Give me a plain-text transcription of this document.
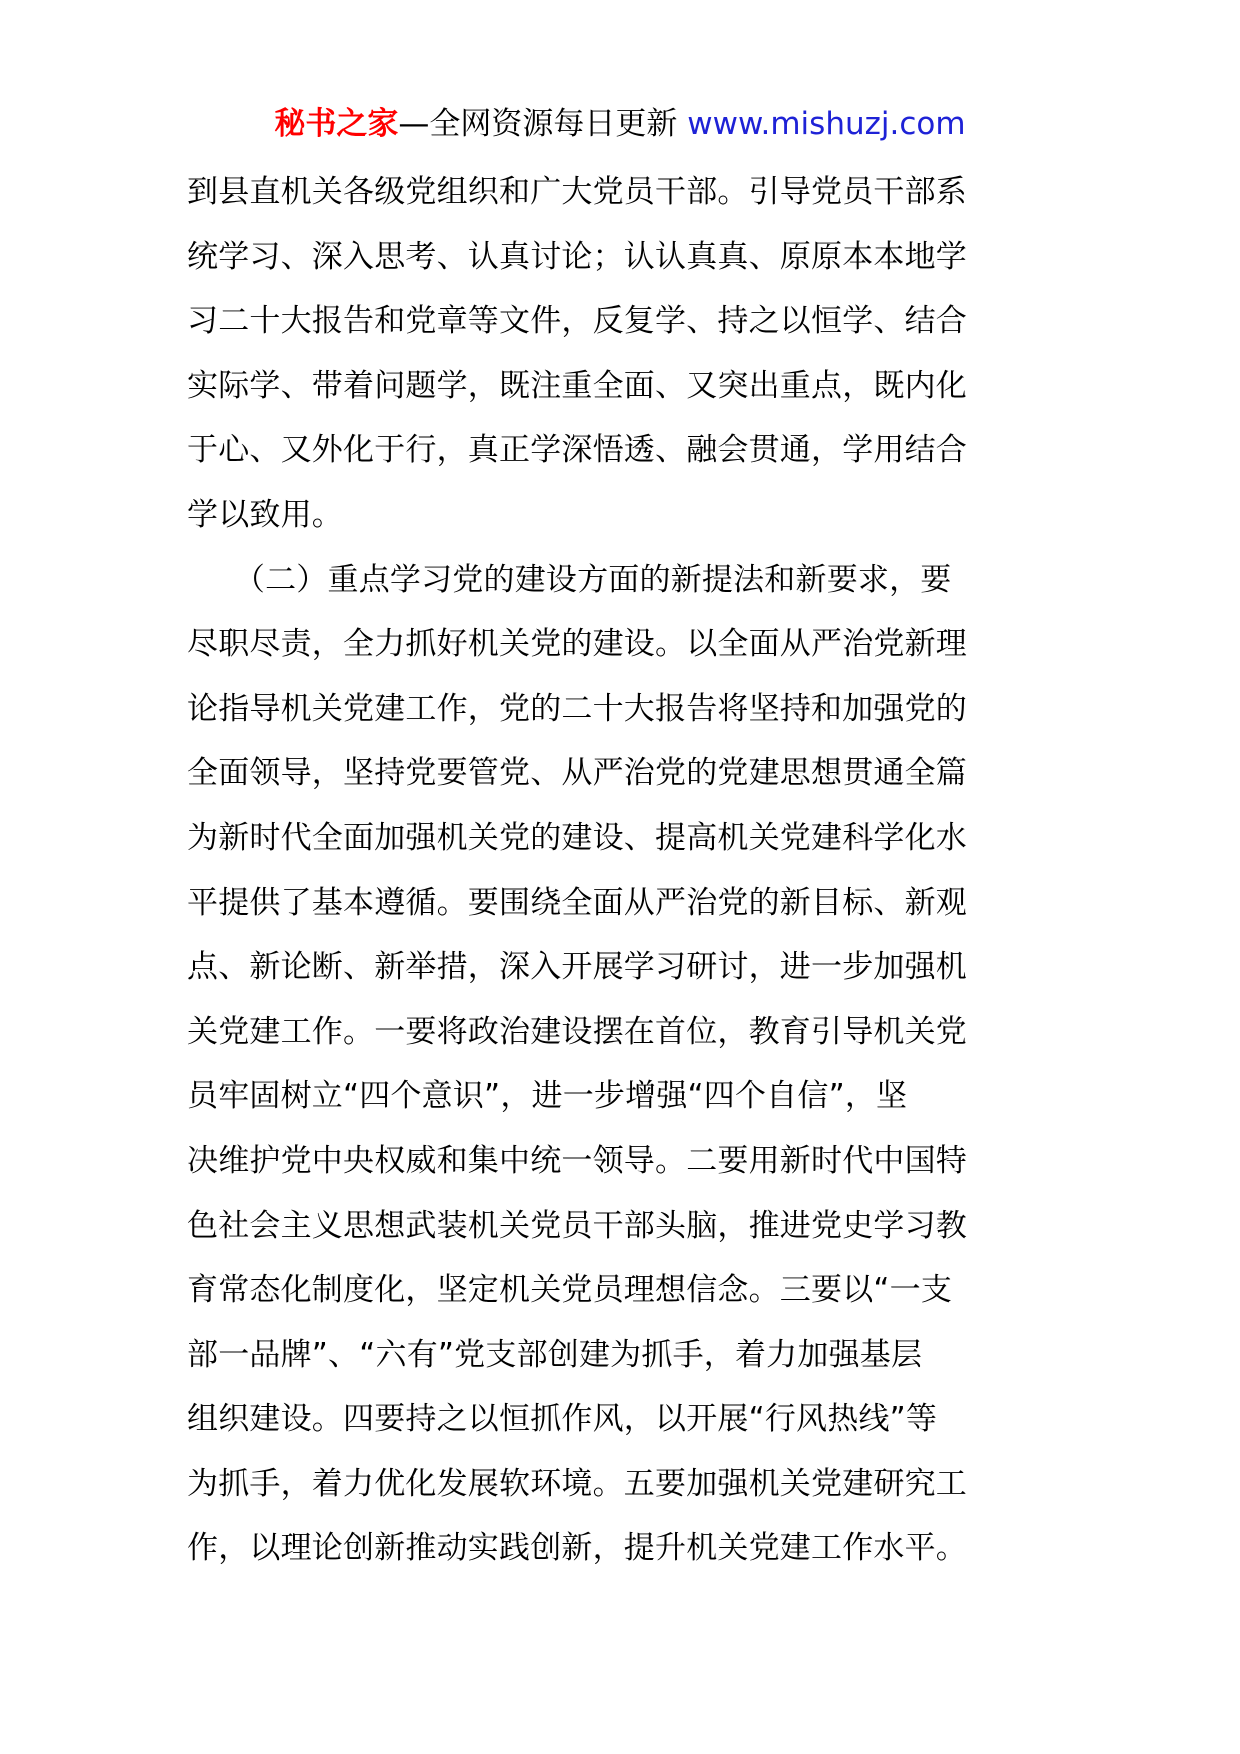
秘书之家—全网资源每日更新 www.mishuzj.com

到县直机关各级党组织和广大党员干部。引导党员干部系
统学习、深入思考、认真讨论；认认真真、原原本本地学
习二十大报告和党章等文件，反复学、持之以恒学、结合
实际学、带着问题学，既注重全面、又突出重点，既内化
于心、又外化于行，真正学深悟透、融会贯通，学用结合
学以致用。

　　（二）重点学习党的建设方面的新提法和新要求，要
尽职尽责，全力抓好机关党的建设。以全面从严治党新理
论指导机关党建工作，党的二十大报告将坚持和加强党的
全面领导，坚持党要管党、从严治党的党建思想贯通全篇
为新时代全面加强机关党的建设、提高机关党建科学化水
平提供了基本遵循。要围绕全面从严治党的新目标、新观
点、新论断、新举措，深入开展学习研讨，进一步加强机
关党建工作。一要将政治建设摆在首位，教育引导机关党
员牢固树立“四个意识”，进一步增强“四个自信”，坚
决维护党中央权威和集中统一领导。二要用新时代中国特
色社会主义思想武装机关党员干部头脑，推进党史学习教
育常态化制度化，坚定机关党员理想信念。三要以“一支
部一品牌”、“六有”党支部创建为抓手，着力加强基层
组织建设。四要持之以恒抓作风，以开展“行风热线”等
为抓手，着力优化发展软环境。五要加强机关党建研究工
作，以理论创新推动实践创新，提升机关党建工作水平。
